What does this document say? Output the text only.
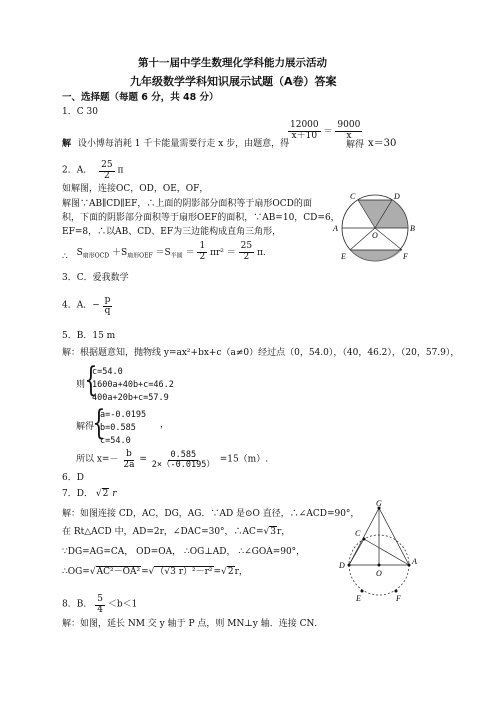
第十一届中学生数理化学科能力展示活动
九年级数学学科知识展示试题（A卷）答案
一、选择题（每题 6 分，共 48 分）
1．C 30
$\frac{12000}{x+10} = \frac{9000}{x}$
解 设小博每消耗 1 千卡能量需要行走 x 步，由题意，得	解得 x＝30
2．A． $\frac{25}{2}$ π
如解图，连接OC，OD，OE，OF，
解图∵AB∥CD∥EF，∴上面的阴影部分面积等于扇形OCD的面
积，下面的阴影部分面积等于扇形OEF的面积，∵AB=10，CD=6，
EF=8，∴以AB、CD、EF为三边能构成直角三角形，
∴ $S_{扇形OCD} +S_{扇形OEF} =S_{半圆} = \frac{1}{2} \pi r^2 = \frac{25}{2} \pi$.
C	D
A
O
B
E	F
3．C．爱我数学
4．A．− $\frac{p}{q}$
5．B．15 m
解：根据题意知，抛物线 y=ax²+bx+c（a≠0）经过点（0，54.0），（40，46.2），（20，57.9），
则 {
c=54.0
1600a+40b+c=46.2
400a+20b+c=57.9
解得
{
a=-0.0195
b=0.585
c=54.0
，
所以 $x=- \frac{b}{2a} = \frac{0.585}{2\times(-0.0195)} =15(m)$.
6．D
7．D． √2 r
解：如图连接 CD，AC，DG，AG．∵AD 是⊙O 直径，∴∠ACD=90°，
在 Rt△ACD 中，AD=2r，∠DAC=30°，∴AC=√3r，
∵DG=AG=CA， OD=OA， ∴OG⊥AD， ∴∠GOA=90°，
∴OG=√AC²－OA²=√（√3 r）²－r²=√2r，
G
C
D
O
A
E	F
8．B． $\frac{5}{4} <b<1$
解：如图，延长 NM 交 y 轴于 P 点，则 MN⊥y 轴．连接 CN．
